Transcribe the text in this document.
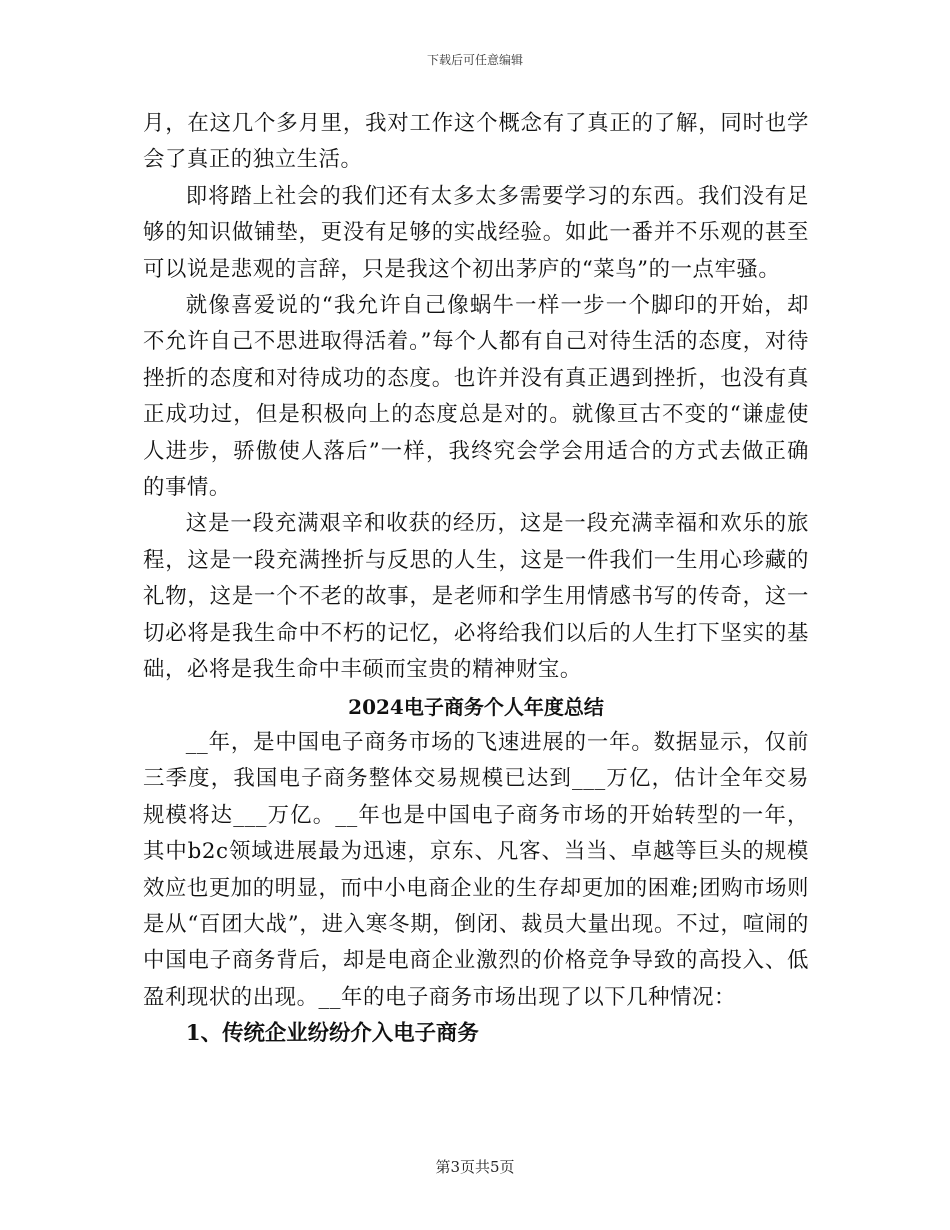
下载后可任意编辑

月，在这几个多月里，我对工作这个概念有了真正的了解，同时也学会了真正的独立生活。

即将踏上社会的我们还有太多太多需要学习的东西。我们没有足够的知识做铺垫，更没有足够的实战经验。如此一番并不乐观的甚至可以说是悲观的言辞，只是我这个初出茅庐的“菜鸟”的一点牢骚。

就像喜爱说的“我允许自己像蜗牛一样一步一个脚印的开始，却不允许自己不思进取得活着。”每个人都有自己对待生活的态度，对待挫折的态度和对待成功的态度。也许并没有真正遇到挫折，也没有真正成功过，但是积极向上的态度总是对的。就像亘古不变的“谦虚使人进步，骄傲使人落后”一样，我终究会学会用适合的方式去做正确的事情。

这是一段充满艰辛和收获的经历，这是一段充满幸福和欢乐的旅程，这是一段充满挫折与反思的人生，这是一件我们一生用心珍藏的礼物，这是一个不老的故事，是老师和学生用情感书写的传奇，这一切必将是我生命中不朽的记忆，必将给我们以后的人生打下坚实的基础，必将是我生命中丰硕而宝贵的精神财宝。

2024电子商务个人年度总结

__年，是中国电子商务市场的飞速进展的一年。数据显示，仅前三季度，我国电子商务整体交易规模已达到___万亿，估计全年交易规模将达___万亿。__年也是中国电子商务市场的开始转型的一年，其中b2c领域进展最为迅速，京东、凡客、当当、卓越等巨头的规模效应也更加的明显，而中小电商企业的生存却更加的困难;团购市场则是从“百团大战”，进入寒冬期，倒闭、裁员大量出现。不过，喧闹的中国电子商务背后，却是电商企业激烈的价格竞争导致的高投入、低盈利现状的出现。__年的电子商务市场出现了以下几种情况：

1、传统企业纷纷介入电子商务
第3页共5页
